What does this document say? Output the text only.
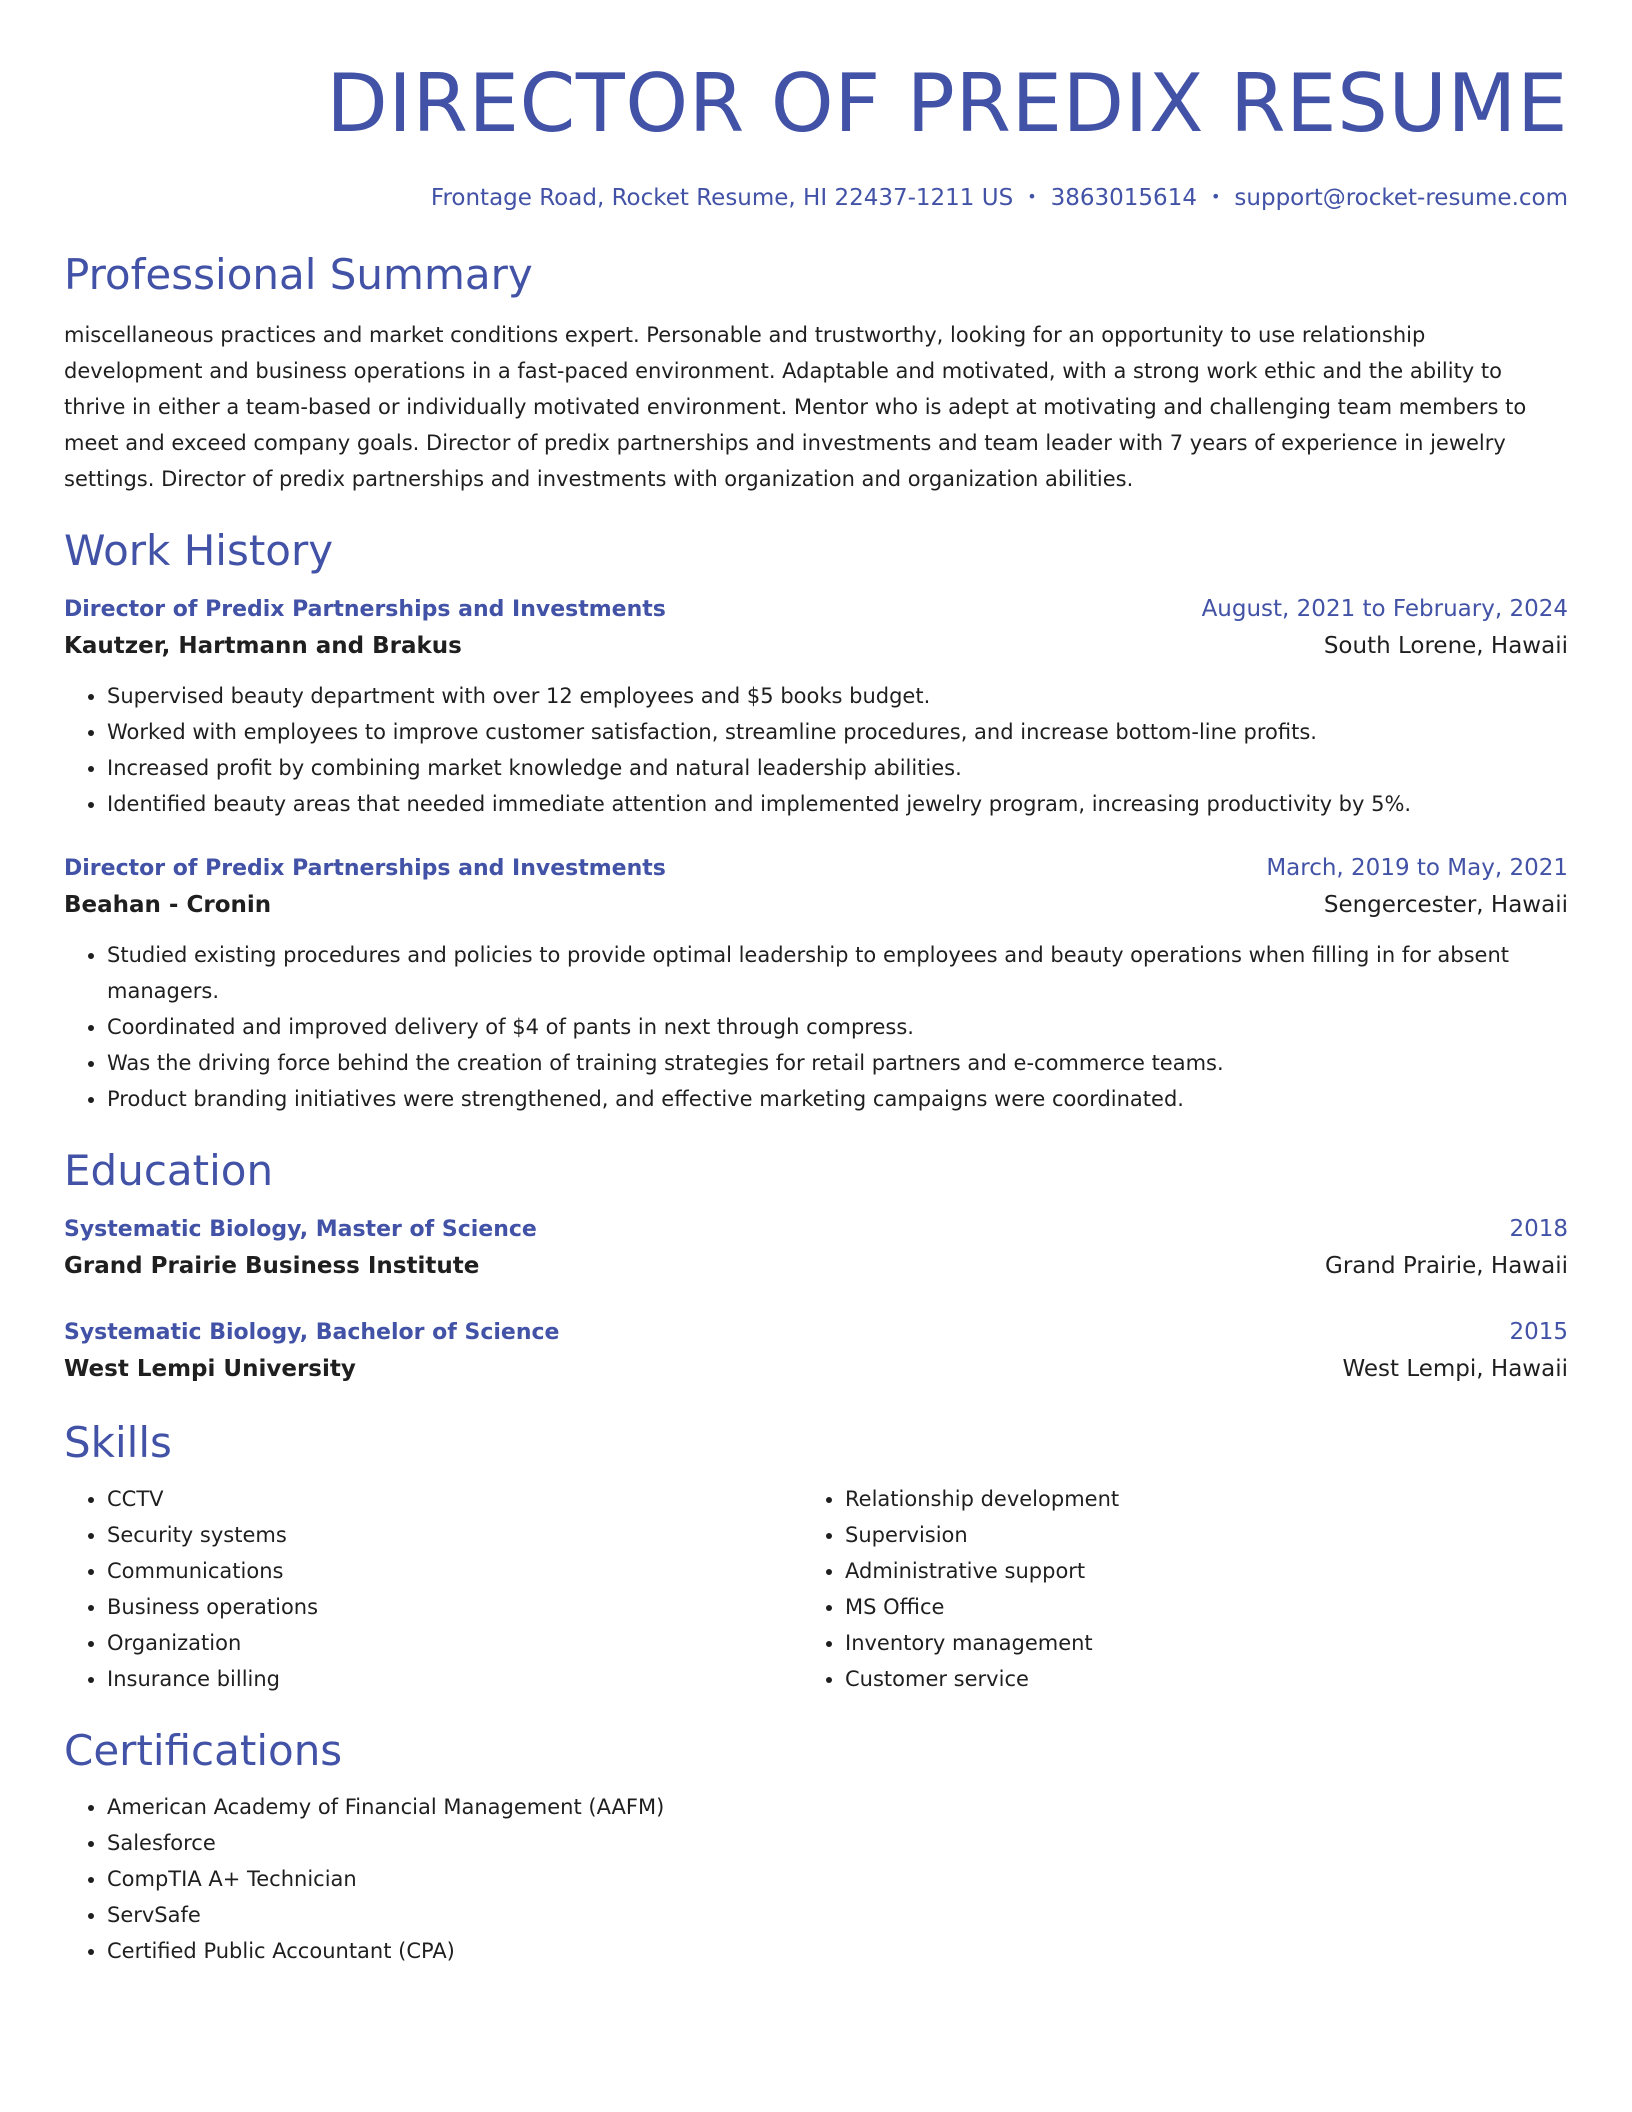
DIRECTOR OF PREDIX RESUME
Frontage Road, Rocket Resume, HI 22437-1211 US • 3863015614 • support@rocket-resume.com
Professional Summary
miscellaneous practices and market conditions expert. Personable and trustworthy, looking for an opportunity to use relationship development and business operations in a fast-paced environment. Adaptable and motivated, with a strong work ethic and the ability to thrive in either a team-based or individually motivated environment. Mentor who is adept at motivating and challenging team members to meet and exceed company goals. Director of predix partnerships and investments and team leader with 7 years of experience in jewelry settings. Director of predix partnerships and investments with organization and organization abilities.
Work History
Director of Predix Partnerships and Investments	August, 2021 to February, 2024
Kautzer, Hartmann and Brakus	South Lorene, Hawaii
• Supervised beauty department with over 12 employees and $5 books budget.
• Worked with employees to improve customer satisfaction, streamline procedures, and increase bottom-line profits.
• Increased profit by combining market knowledge and natural leadership abilities.
• Identified beauty areas that needed immediate attention and implemented jewelry program, increasing productivity by 5%.
Director of Predix Partnerships and Investments	March, 2019 to May, 2021
Beahan - Cronin	Sengercester, Hawaii
• Studied existing procedures and policies to provide optimal leadership to employees and beauty operations when filling in for absent managers.
• Coordinated and improved delivery of $4 of pants in next through compress.
• Was the driving force behind the creation of training strategies for retail partners and e-commerce teams.
• Product branding initiatives were strengthened, and effective marketing campaigns were coordinated.
Education
Systematic Biology, Master of Science	2018
Grand Prairie Business Institute	Grand Prairie, Hawaii
Systematic Biology, Bachelor of Science	2015
West Lempi University	West Lempi, Hawaii
Skills
• CCTV
• Security systems
• Communications
• Business operations
• Organization
• Insurance billing
• Relationship development
• Supervision
• Administrative support
• MS Office
• Inventory management
• Customer service
Certifications
• American Academy of Financial Management (AAFM)
• Salesforce
• CompTIA A+ Technician
• ServSafe
• Certified Public Accountant (CPA)
